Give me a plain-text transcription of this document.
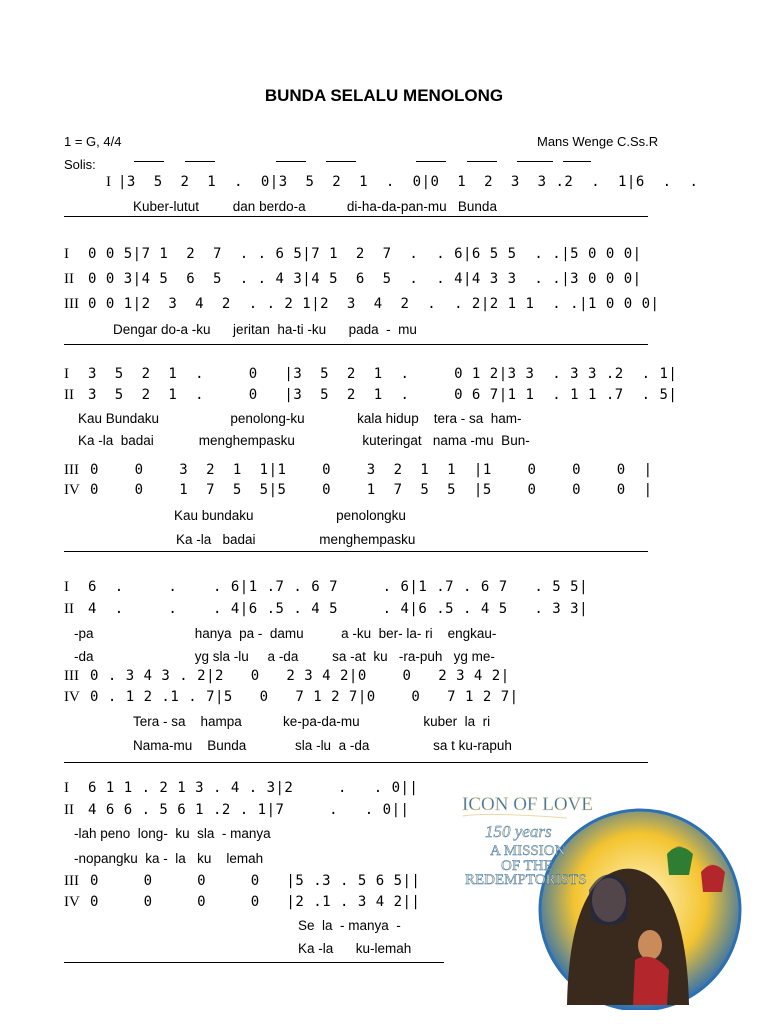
BUNDA SELALU MENOLONG
1 = G, 4/4	Mans Wenge C.Ss.R
Solis:
I |3  5  2  1  .  0|3  5  2  1  .  0|0  1  2  3  3 .2  .  1|6  .  .
Kuber-lutut         dan berdo-a           di-ha-da-pan-mu   Bunda
I 0 0 5|7 1  2  7  . . 6 5|7 1  2  7  .  . 6|6 5 5  . .|5 0 0 0|
II 0 0 3|4 5  6  5  . . 4 3|4 5  6  5  .  . 4|4 3 3  . .|3 0 0 0|
III 0 0 1|2  3  4  2  . . 2 1|2  3  4  2  .  . 2|2 1 1  . .|1 0 0 0|
Dengar do-a -ku      jeritan  ha-ti -ku      pada  -  mu
I 3  5  2  1  .     0   |3  5  2  1  .     0 1 2|3 3  . 3 3 .2  . 1|
II 3  5  2  1  .     0   |3  5  2  1  .     0 6 7|1 1  . 1 1 .7  . 5|
Kau Bundaku                   penolong-ku              kala hidup    tera - sa  ham-
Ka -la  badai            menghempasku                  kuteringat   nama -mu  Bun-
III 0    0    3  2  1  1|1    0    3  2  1  1  |1    0    0    0  |
IV 0    0    1  7  5  5|5    0    1  7  5  5  |5    0    0    0  |
Kau bundaku                      penolongku
Ka -la   badai                 menghempasku
I 6  .     .    . 6|1 .7 . 6 7     . 6|1 .7 . 6 7   . 5 5|
II 4  .     .    . 4|6 .5 . 4 5     . 4|6 .5 . 4 5   . 3 3|
-pa                           hanya  pa -  damu          a -ku  ber- la- ri    engkau-
-da                           yg sla -lu     a -da         sa -at  ku   -ra-puh   yg me-
III 0 . 3 4 3 . 2|2   0   2 3 4 2|0    0   2 3 4 2|
IV 0 . 1 2 .1 . 7|5   0   7 1 2 7|0    0   7 1 2 7|
Tera - sa    hampa           ke-pa-da-mu                 kuber  la  ri
Nama-mu    Bunda             sla -lu  a -da                 sa t ku-rapuh
I 6 1 1 . 2 1 3 . 4 . 3|2     .   . 0||
II 4 6 6 . 5 6 1 .2 . 1|7     .   . 0||
-lah peno  long-  ku  sla  - manya
-nopangku  ka -  la   ku    lemah
III 0     0     0     0   |5 .3 . 5 6 5||
IV 0     0     0     0   |2 .1 . 3 4 2||
Se  la  - manya  -
Ka -la      ku-lemah
ICON OF LOVE
150 years
A MISSION
OF THE
REDEMPTORISTS
